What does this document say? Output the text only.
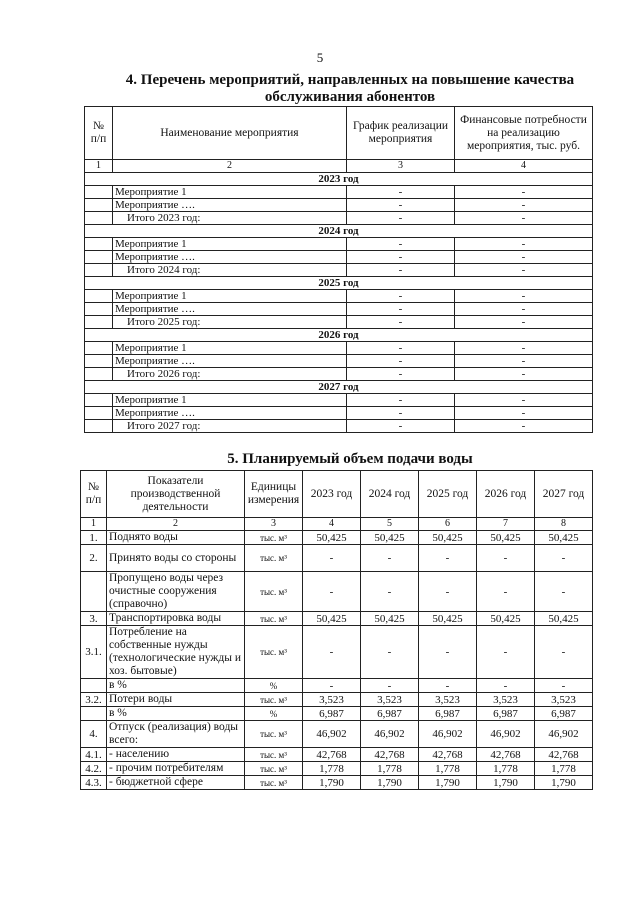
5
4. Перечень мероприятий, направленных на повышение качества
обслуживания абонентов
№ п/п	Наименование мероприятия	График реализации мероприятия	Финансовые потребности на реализацию мероприятия, тыс. руб.
1	2	3	4
2023 год			
	Мероприятие 1	-	-
	Мероприятие ….	-	-
	Итого 2023 год:	-	-
2024 год			
	Мероприятие 1	-	-
	Мероприятие ….	-	-
	Итого 2024 год:	-	-
2025 год			
	Мероприятие 1	-	-
	Мероприятие ….	-	-
	Итого 2025 год:	-	-
2026 год			
	Мероприятие 1	-	-
	Мероприятие ….	-	-
	Итого 2026 год:	-	-
2027 год			
	Мероприятие 1	-	-
	Мероприятие ….	-	-
	Итого 2027 год:	-	-
5. Планируемый объем подачи воды
№ п/п	Показатели производственной деятельности	Единицы измерения	2023 год	2024 год	2025 год	2026 год	2027 год
1	2	3	4	5	6	7	8
1.	Поднято воды	тыс. м³	50,425	50,425	50,425	50,425	50,425
2.	Принято воды со стороны	тыс. м³	-	-	-	-	-
	Пропущено воды через очистные сооружения (справочно)	тыс. м³	-	-	-	-	-
3.	Транспортировка воды	тыс. м³	50,425	50,425	50,425	50,425	50,425
3.1.	Потребление на собственные нужды (технологические нужды и хоз. бытовые)	тыс. м³	-	-	-	-	-
	в %	%	-	-	-	-	-
3.2.	Потери воды	тыс. м³	3,523	3,523	3,523	3,523	3,523
	в %	%	6,987	6,987	6,987	6,987	6,987
4.	Отпуск (реализация) воды всего:	тыс. м³	46,902	46,902	46,902	46,902	46,902
4.1.	- населению	тыс. м³	42,768	42,768	42,768	42,768	42,768
4.2.	- прочим потребителям	тыс. м³	1,778	1,778	1,778	1,778	1,778
4.3.	- бюджетной сфере	тыс. м³	1,790	1,790	1,790	1,790	1,790
